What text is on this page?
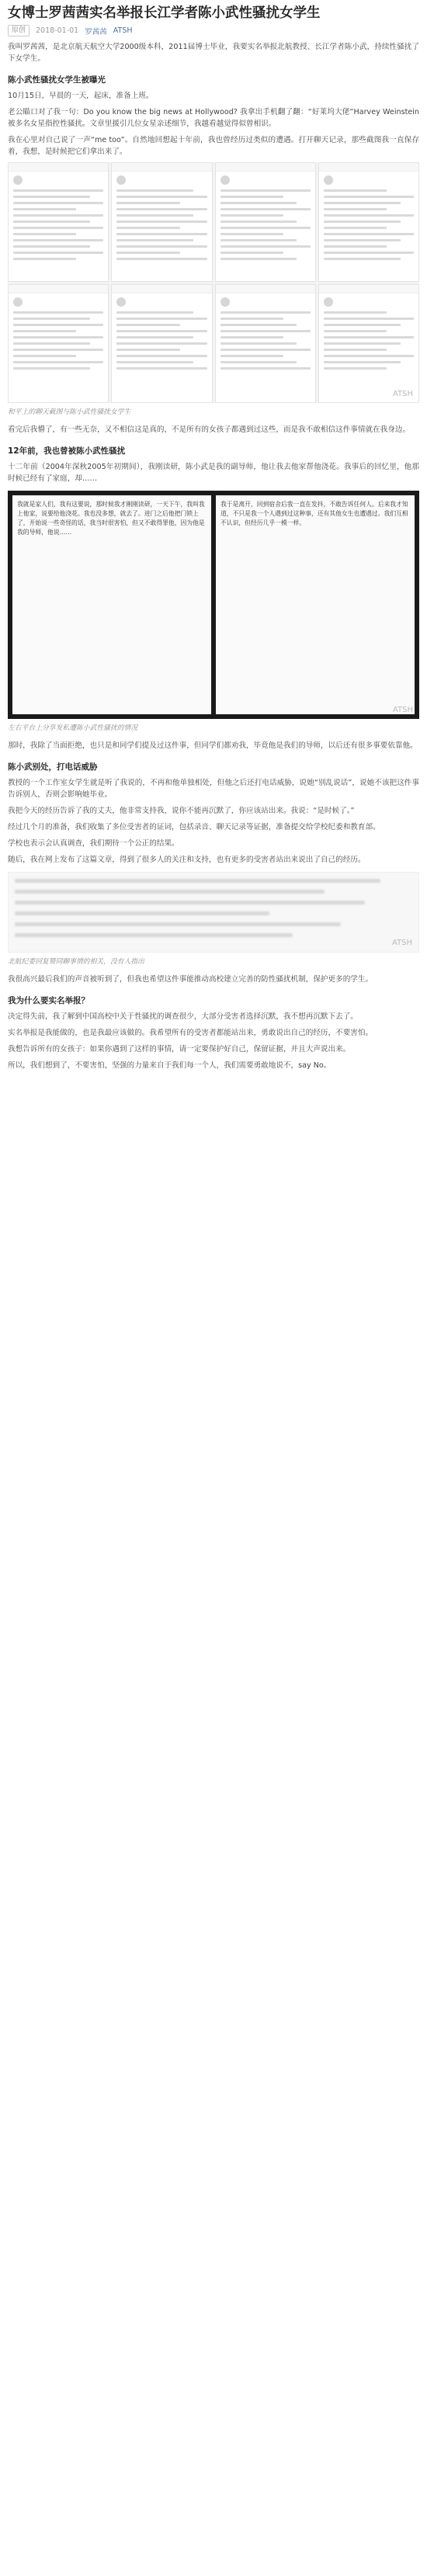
女博士罗茜茜实名举报长江学者陈小武性骚扰女学生
原创	2018-01-01 罗茜茜 ATSH

我叫罗茜茜，是北京航天航空大学2000级本科，2011届博士毕业，我要实名举报北航教授、长江学者陈小武，持续性骚扰了下女学生。

陈小武性骚扰女学生被曝光

10月15日，早晨的一天，起床，准备上班。

老公瞄口对了我一句：Do you know the big news at Hollywood? 我拿出手机翻了翻：“好莱坞大佬”Harvey Weinstein被多名女星指控性骚扰。文章里援引几位女星亲述细节，我越看越觉得似曾相识。

我在心里对自己说了一声“me too”。自然地回想起十年前，我也曾经历过类似的遭遇。打开聊天记录，那些截图我一直保存着，我想，是时候把它们拿出来了。

ATSH
和平上的聊天截图与陈小武性骚扰女学生

看完后我懵了，有一些无奈，又不相信这是真的，不是所有的女孩子都遇到过这些，而是我不敢相信这件事情就在我身边。

12年前，我也曾被陈小武性骚扰

十二年前（2004年深秋2005年初期间），我刚读研，陈小武是我的副导师，他让我去他家帮他浇花。我事后的回忆里，他那时候已经有了家庭，却……

我就是家人们，我有这要说，那时候我才刚刚读研，一天下午，我叫我上他家，说要给他浇花。我也没多想，就去了。进门之后他把门锁上了，开始说一些奇怪的话，我当时很害怕，但又不敢得罪他，因为他是我的导师，他说……
我于是离开，回到宿舍后我一直在发抖，不敢告诉任何人。后来我才知道，不只是我一个人遇到过这种事，还有其他女生也遭遇过。我们互相不认识，但经历几乎一模一样。
ATSH
左右平台上分享发私遭陈小武性骚扰的情况

那时，我除了当面拒绝，也只是和同学们提及过这件事，但同学们都劝我，毕竟他是我们的导师，以后还有很多事要依靠他。

陈小武别处，打电话威胁

教授的一个工作室女学生就是听了我说的，不再和他单独相处，但他之后还打电话威胁，说她“别乱说话”，说她不该把这件事告诉别人，否则会影响她毕业。

我把今天的经历告诉了我的丈夫，他非常支持我，说你不能再沉默了，你应该站出来。我说：“是时候了。”

经过几个月的准备，我们收集了多位受害者的证词，包括录音、聊天记录等证据，准备提交给学校纪委和教育部。

学校也表示会认真调查，我们期待一个公正的结果。

随后，我在网上发布了这篇文章，得到了很多人的关注和支持，也有更多的受害者站出来说出了自己的经历。

ATSH
北航纪委回复赞同聊事情的相关，没有人指出

我很高兴最后我们的声音被听到了，但我也希望这件事能推动高校建立完善的防性骚扰机制，保护更多的学生。

我为什么要实名举报？

决定得失前，我了解到中国高校中关于性骚扰的调查很少，大部分受害者选择沉默，我不想再沉默下去了。

实名举报是我能做的，也是我最应该做的。我希望所有的受害者都能站出来，勇敢说出自己的经历，不要害怕。

我想告诉所有的女孩子：如果你遇到了这样的事情，请一定要保护好自己，保留证据，并且大声说出来。

所以，我们想到了，不要害怕，坚强的力量来自于我们每一个人，我们需要勇敢地说不，say No。
